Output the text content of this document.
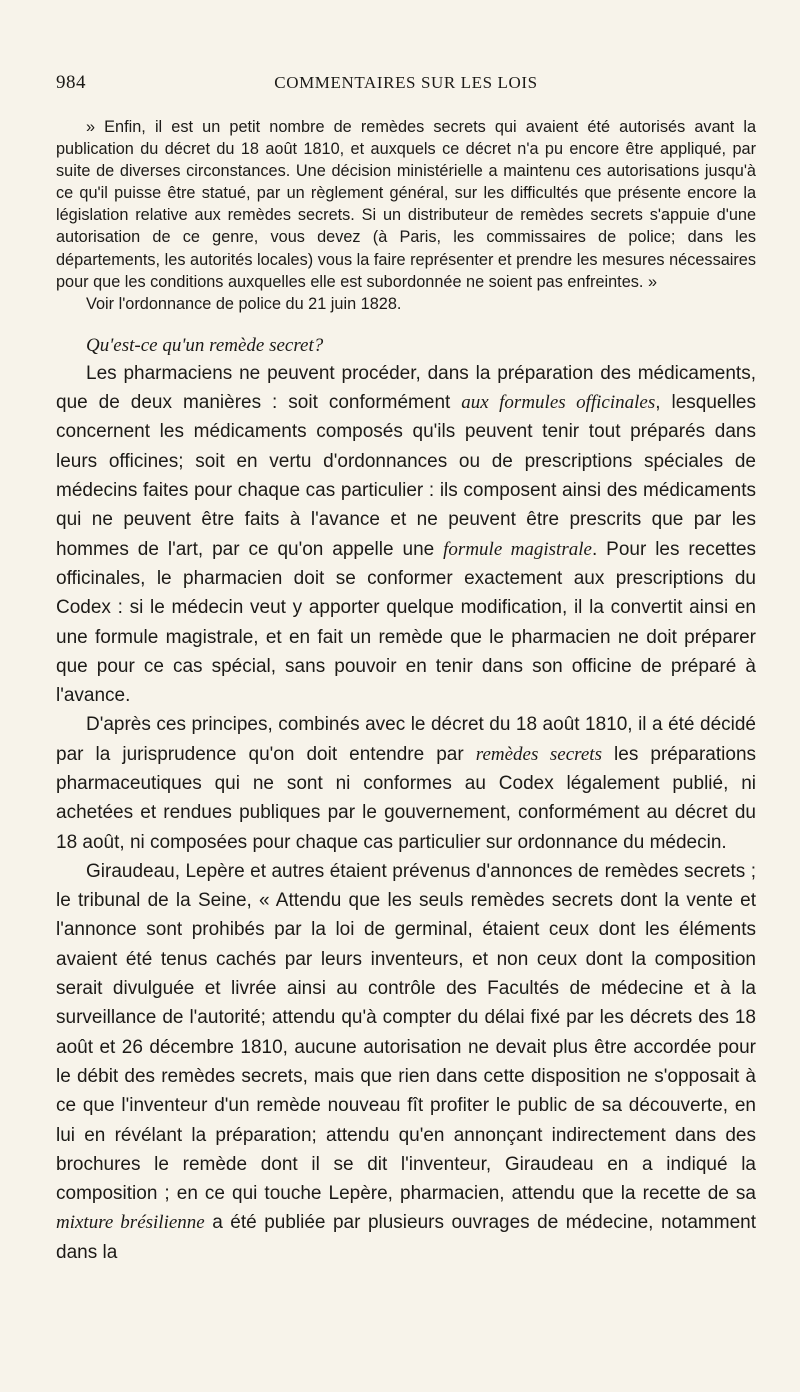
984	COMMENTAIRES SUR LES LOIS

» Enfin, il est un petit nombre de remèdes secrets qui avaient été autorisés avant la publication du décret du 18 août 1810, et auxquels ce décret n'a pu encore être appliqué, par suite de diverses circonstances. Une décision ministérielle a maintenu ces autorisations jusqu'à ce qu'il puisse être statué, par un règlement général, sur les difficultés que présente encore la législation relative aux remèdes secrets. Si un distributeur de remèdes secrets s'appuie d'une autorisation de ce genre, vous devez (à Paris, les commissaires de police; dans les départements, les autorités locales) vous la faire représenter et prendre les mesures nécessaires pour que les conditions auxquelles elle est subordonnée ne soient pas enfreintes. »

Voir l'ordonnance de police du 21 juin 1828.

Qu'est-ce qu'un remède secret?

Les pharmaciens ne peuvent procéder, dans la préparation des médicaments, que de deux manières : soit conformément aux formules officinales, lesquelles concernent les médicaments composés qu'ils peuvent tenir tout préparés dans leurs officines; soit en vertu d'ordonnances ou de prescriptions spéciales de médecins faites pour chaque cas particulier : ils composent ainsi des médicaments qui ne peuvent être faits à l'avance et ne peuvent être prescrits que par les hommes de l'art, par ce qu'on appelle une formule magistrale. Pour les recettes officinales, le pharmacien doit se conformer exactement aux prescriptions du Codex : si le médecin veut y apporter quelque modification, il la convertit ainsi en une formule magistrale, et en fait un remède que le pharmacien ne doit préparer que pour ce cas spécial, sans pouvoir en tenir dans son officine de préparé à l'avance.

D'après ces principes, combinés avec le décret du 18 août 1810, il a été décidé par la jurisprudence qu'on doit entendre par remèdes secrets les préparations pharmaceutiques qui ne sont ni conformes au Codex légalement publié, ni achetées et rendues publiques par le gouvernement, conformément au décret du 18 août, ni composées pour chaque cas particulier sur ordonnance du médecin.

Giraudeau, Lepère et autres étaient prévenus d'annonces de remèdes secrets ; le tribunal de la Seine, « Attendu que les seuls remèdes secrets dont la vente et l'annonce sont prohibés par la loi de germinal, étaient ceux dont les éléments avaient été tenus cachés par leurs inventeurs, et non ceux dont la composition serait divulguée et livrée ainsi au contrôle des Facultés de médecine et à la surveillance de l'autorité; attendu qu'à compter du délai fixé par les décrets des 18 août et 26 décembre 1810, aucune autorisation ne devait plus être accordée pour le débit des remèdes secrets, mais que rien dans cette disposition ne s'opposait à ce que l'inventeur d'un remède nouveau fît profiter le public de sa découverte, en lui en révélant la préparation; attendu qu'en annonçant indirectement dans des brochures le remède dont il se dit l'inventeur, Giraudeau en a indiqué la composition ; en ce qui touche Lepère, pharmacien, attendu que la recette de sa mixture brésilienne a été publiée par plusieurs ouvrages de médecine, notamment dans la
